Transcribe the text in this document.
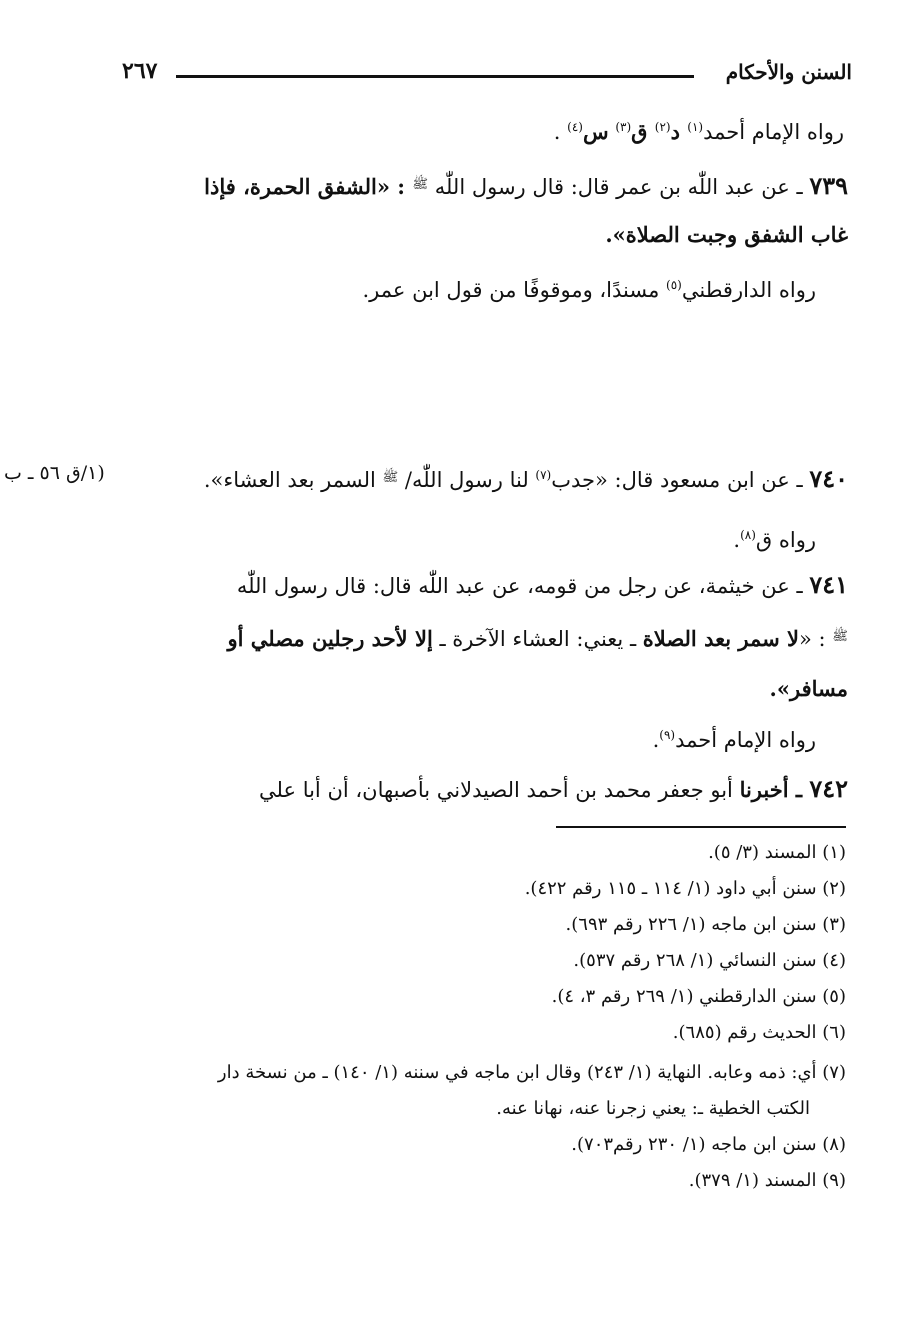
٢٦٧	السنن والأحكام
رواه الإمام أحمد$^{(١)}$ د$^{(٢)}$ ق$^{(٣)}$ س$^{(٤)}$ .
٧٣٩ ـ عن عبد اللّٰه بن عمر قال: قال رسول اللّٰه $^ﷺ$ : «الشفق الحمرة، فإذا
غاب الشفق وجبت الصلاة».
رواه الدارقطني$^{(٥)}$ مسندًا، وموقوفًا من قول ابن عمر.
٧٤٠ ـ عن ابن مسعود قال: «جدب$^{(٧)}$ لنا رسول اللّٰه/ $^ﷺ$ السمر بعد العشاء».
(١/ق ٥٦ ـ ب
رواه ق$^{(٨)}$.
٧٤١ ـ عن خيثمة، عن رجل من قومه، عن عبد اللّٰه قال: قال رسول اللّٰه
$^ﷺ$ : «لا سمر بعد الصلاة ـ يعني: العشاء الآخرة ـ إلا لأحد رجلين مصلي أو
مسافر».
رواه الإمام أحمد$^{(٩)}$.
٧٤٢ ـ أخبرنا أبو جعفر محمد بن أحمد الصيدلاني بأصبهان، أن أبا علي
(١) المسند (٣/ ٥).
(٢) سنن أبي داود (١/ ١١٤ ـ ١١٥ رقم ٤٢٢).
(٣) سنن ابن ماجه (١/ ٢٢٦ رقم ٦٩٣).
(٤) سنن النسائي (١/ ٢٦٨ رقم ٥٣٧).
(٥) سنن الدارقطني (١/ ٢٦٩ رقم ٣، ٤).
(٦) الحديث رقم (٦٨٥).
(٧) أي: ذمه وعابه. النهاية (١/ ٢٤٣) وقال ابن ماجه في سننه (١/ ١٤٠) ـ من نسخة دار
الكتب الخطية ـ: يعني زجرنا عنه، نهانا عنه.
(٨) سنن ابن ماجه (١/ ٢٣٠ رقم٧٠٣).
(٩) المسند (١/ ٣٧٩).
